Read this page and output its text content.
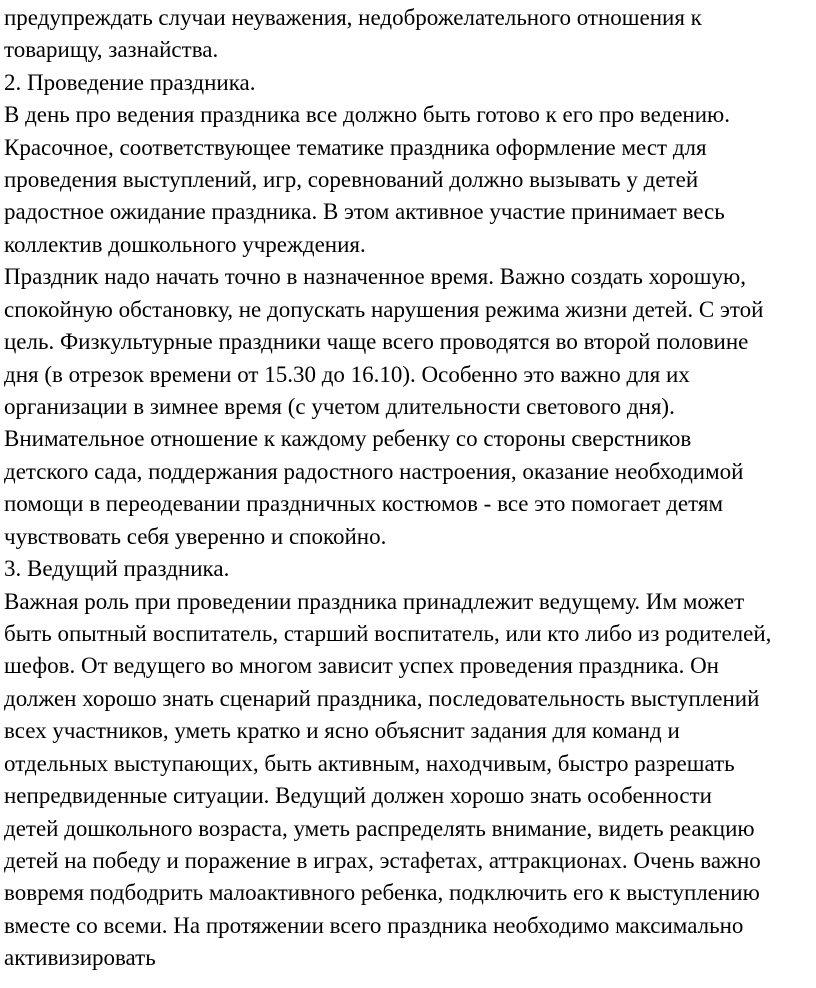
предупреждать случаи неуважения, недоброжелательного отношения к
товарищу, зазнайства.
2. Проведение праздника.
В день про ведения праздника все должно быть готово к его про ведению.
Красочное, соответствующее тематике праздника оформление мест для
проведения выступлений, игр, соревнований должно вызывать у детей
радостное ожидание праздника. В этом активное участие принимает весь
коллектив дошкольного учреждения.
Праздник надо начать точно в назначенное время. Важно создать хорошую,
спокойную обстановку, не допускать нарушения режима жизни детей. С этой
цель. Физкультурные праздники чаще всего проводятся во второй половине
дня (в отрезок времени от 15.30 до 16.10). Особенно это важно для их
организации в зимнее время (с учетом длительности светового дня).
Внимательное отношение к каждому ребенку со стороны сверстников
детского сада, поддержания радостного настроения, оказание необходимой
помощи в переодевании праздничных костюмов - все это помогает детям
чувствовать себя уверенно и спокойно.
3. Ведущий праздника.
Важная роль при проведении праздника принадлежит ведущему. Им может
быть опытный воспитатель, старший воспитатель, или кто либо из родителей,
шефов. От ведущего во многом зависит успех проведения праздника. Он
должен хорошо знать сценарий праздника, последовательность выступлений
всех участников, уметь кратко и ясно объяснит задания для команд и
отдельных выступающих, быть активным, находчивым, быстро разрешать
непредвиденные ситуации. Ведущий должен хорошо знать особенности
детей дошкольного возраста, уметь распределять внимание, видеть реакцию
детей на победу и поражение в играх, эстафетах, аттракционах. Очень важно
вовремя подбодрить малоактивного ребенка, подключить его к выступлению
вместе со всеми. На протяжении всего праздника необходимо максимально
активизировать
